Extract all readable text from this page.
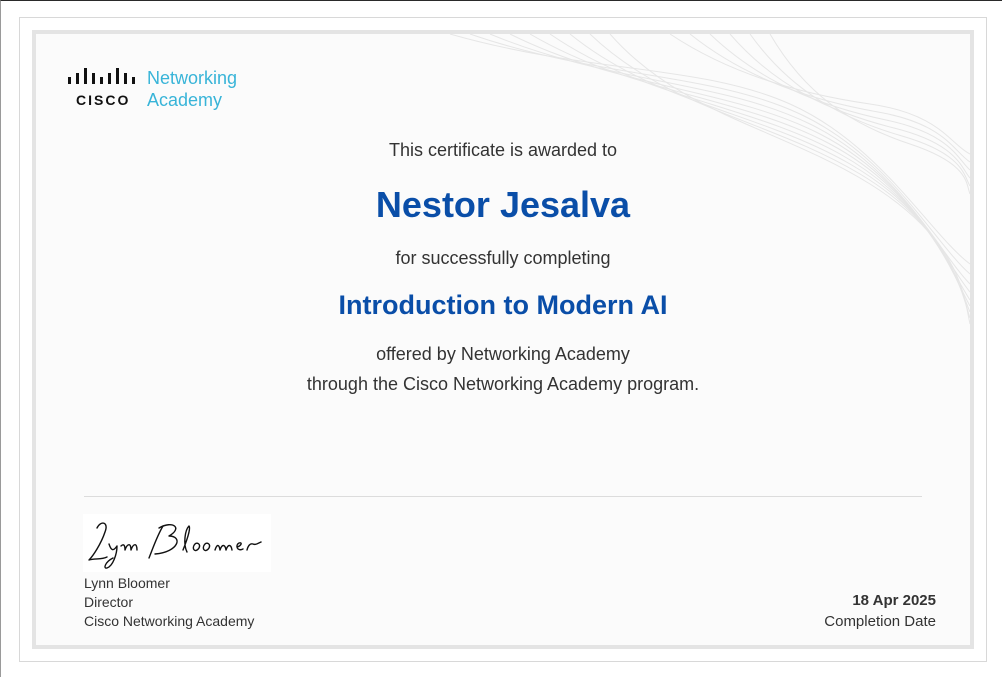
CISCO
Networking
Academy
This certificate is awarded to
Nestor Jesalva
for successfully completing
Introduction to Modern AI
offered by Networking Academy
through the Cisco Networking Academy program.
Lynn Bloomer
Director
Cisco Networking Academy
18 Apr 2025
Completion Date
